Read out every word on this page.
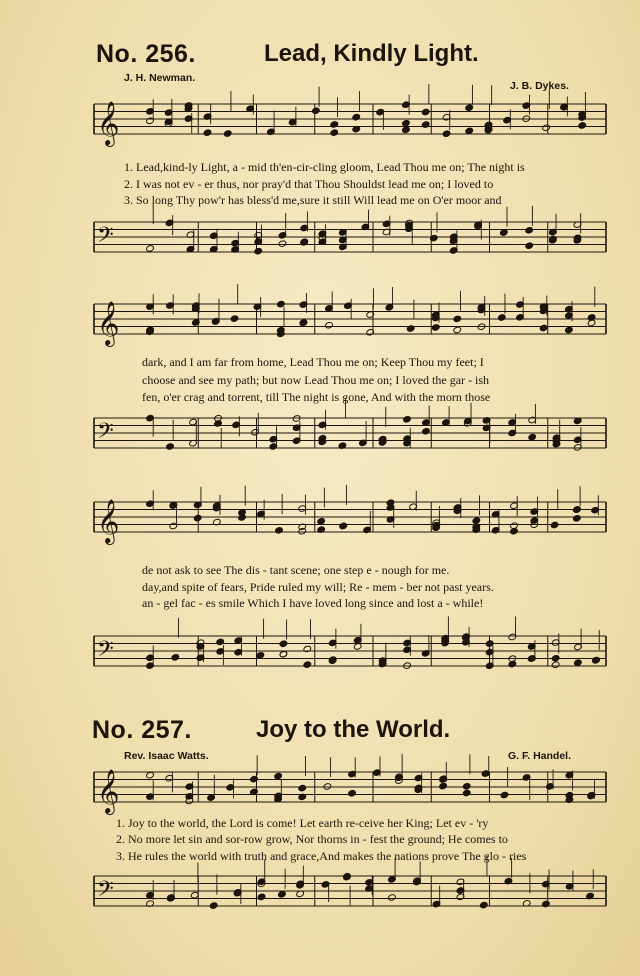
No. 256.	Lead, Kindly Light.
J. H. Newman.
J. B. Dykes.
𝄞
1. Lead,kind-ly Light, a - mid th'en-cir-cling gloom, Lead Thou me on; The night is
2. I was not ev - er thus, nor pray'd that Thou Shouldst lead me on; I loved to
3. So long Thy pow'r has bless'd me,sure it still Will lead me on O'er moor and
𝄢
𝄞
dark, and I am far from home, Lead Thou me on; Keep Thou my feet; I
choose and see my path; but now Lead Thou me on; I loved the gar - ish
fen, o'er crag and torrent, till The night is gone, And with the morn those
𝄢
𝄞
de not ask to see The dis - tant scene; one step e - nough for me.
day,and spite of fears, Pride ruled my will; Re - mem - ber not past years.
an - gel fac - es smile Which I have loved long since and lost a - while!
𝄢
No. 257.	Joy to the World.
Rev. Isaac Watts.	G. F. Handel.
𝄞
1. Joy to the world, the Lord is come! Let earth re-ceive her King; Let ev - 'ry
2. No more let sin and sor-row grow, Nor thorns in - fest the ground; He comes to
3. He rules the world with truth and grace,And makes the nations prove The glo - ries
𝄢
